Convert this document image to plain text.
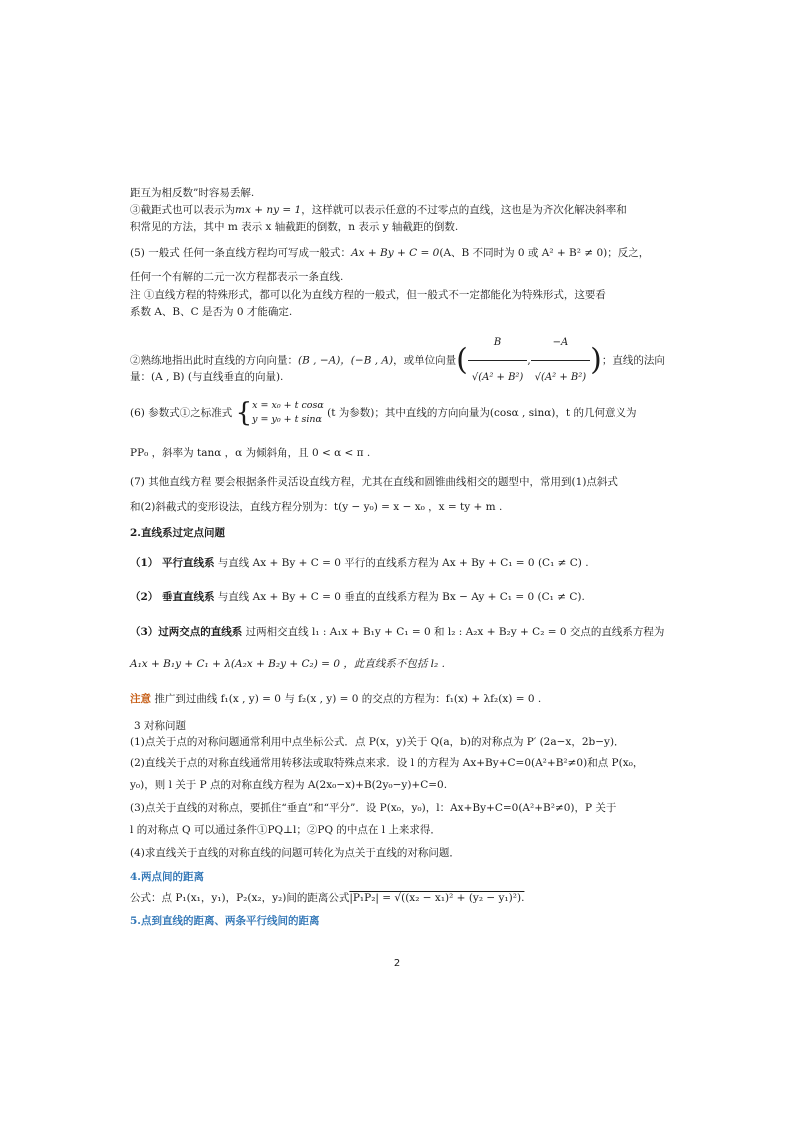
距互为相反数”时容易丢解.
③截距式也可以表示为mx + ny = 1，这样就可以表示任意的不过零点的直线，这也是为齐次化解决斜率和
积常见的方法，其中 m 表示 x 轴截距的倒数，n 表示 y 轴截距的倒数.
(5) 一般式 任何一条直线方程均可写成一般式：Ax + By + C = 0(A、B 不同时为 0 或 A² + B² ≠ 0)；反之，
任何一个有解的二元一次方程都表示一条直线.
注 ①直线方程的特殊形式，都可以化为直线方程的一般式，但一般式不一定都能化为特殊形式，这要看
系数 A、B、C 是否为 0 才能确定.
②熟练地指出此时直线的方向向量：(B , −A)，(−B , A)，或单位向量( $\frac{B}{\text{√(A² + B²)}}$ , $\frac{-A}{\text{√(A² + B²)}}$ )；直线的法向
量：(A , B) (与直线垂直的向量).
(6) 参数式①之标准式 { x = x₀ + t cosα
y = y₀ + t sinα
(t 为参数)；其中直线的方向向量为(cosα , sinα)，t 的几何意义为
PP₀ ，斜率为 tanα ，α 为倾斜角，且 0 < α < π .
(7) 其他直线方程 要会根据条件灵活设直线方程，尤其在直线和圆锥曲线相交的题型中，常用到(1)点斜式
和(2)斜截式的变形设法，直线方程分别为：t(y − y₀) = x − x₀ ，x = ty + m .
2.直线系过定点问题
（1） 平行直线系 与直线 Ax + By + C = 0 平行的直线系方程为 Ax + By + C₁ = 0 (C₁ ≠ C) .
（2） 垂直直线系 与直线 Ax + By + C = 0 垂直的直线系方程为 Bx − Ay + C₁ = 0 (C₁ ≠ C).
（3）过两交点的直线系 过两相交直线 l₁ : A₁x + B₁y + C₁ = 0 和 l₂ : A₂x + B₂y + C₂ = 0 交点的直线系方程为
A₁x + B₁y + C₁ + λ(A₂x + B₂y + C₂) = 0 ，此直线系不包括 l₂ .
注意 推广到过曲线 f₁(x , y) = 0 与 f₂(x , y) = 0 的交点的方程为：f₁(x) + λf₂(x) = 0 .
3 对称问题
(1)点关于点的对称问题通常利用中点坐标公式．点 P(x，y)关于 Q(a，b)的对称点为 P′ (2a−x，2b−y)．
(2)直线关于点的对称直线通常用转移法或取特殊点来求．设 l 的方程为 Ax+By+C=0(A²+B²≠0)和点 P(x₀，
y₀)，则 l 关于 P 点的对称直线方程为 A(2x₀−x)+B(2y₀−y)+C=0.
(3)点关于直线的对称点，要抓住“垂直”和“平分”．设 P(x₀，y₀)，l：Ax+By+C=0(A²+B²≠0)，P 关于
l 的对称点 Q 可以通过条件①PQ⊥l；②PQ 的中点在 l 上来求得．
(4)求直线关于直线的对称直线的问题可转化为点关于直线的对称问题．
4.两点间的距离
公式：点 P₁(x₁，y₁)，P₂(x₂，y₂)间的距离公式|P₁P₂| = √((x₂ − x₁)² + (y₂ − y₁)²).
5.点到直线的距离、两条平行线间的距离
2
